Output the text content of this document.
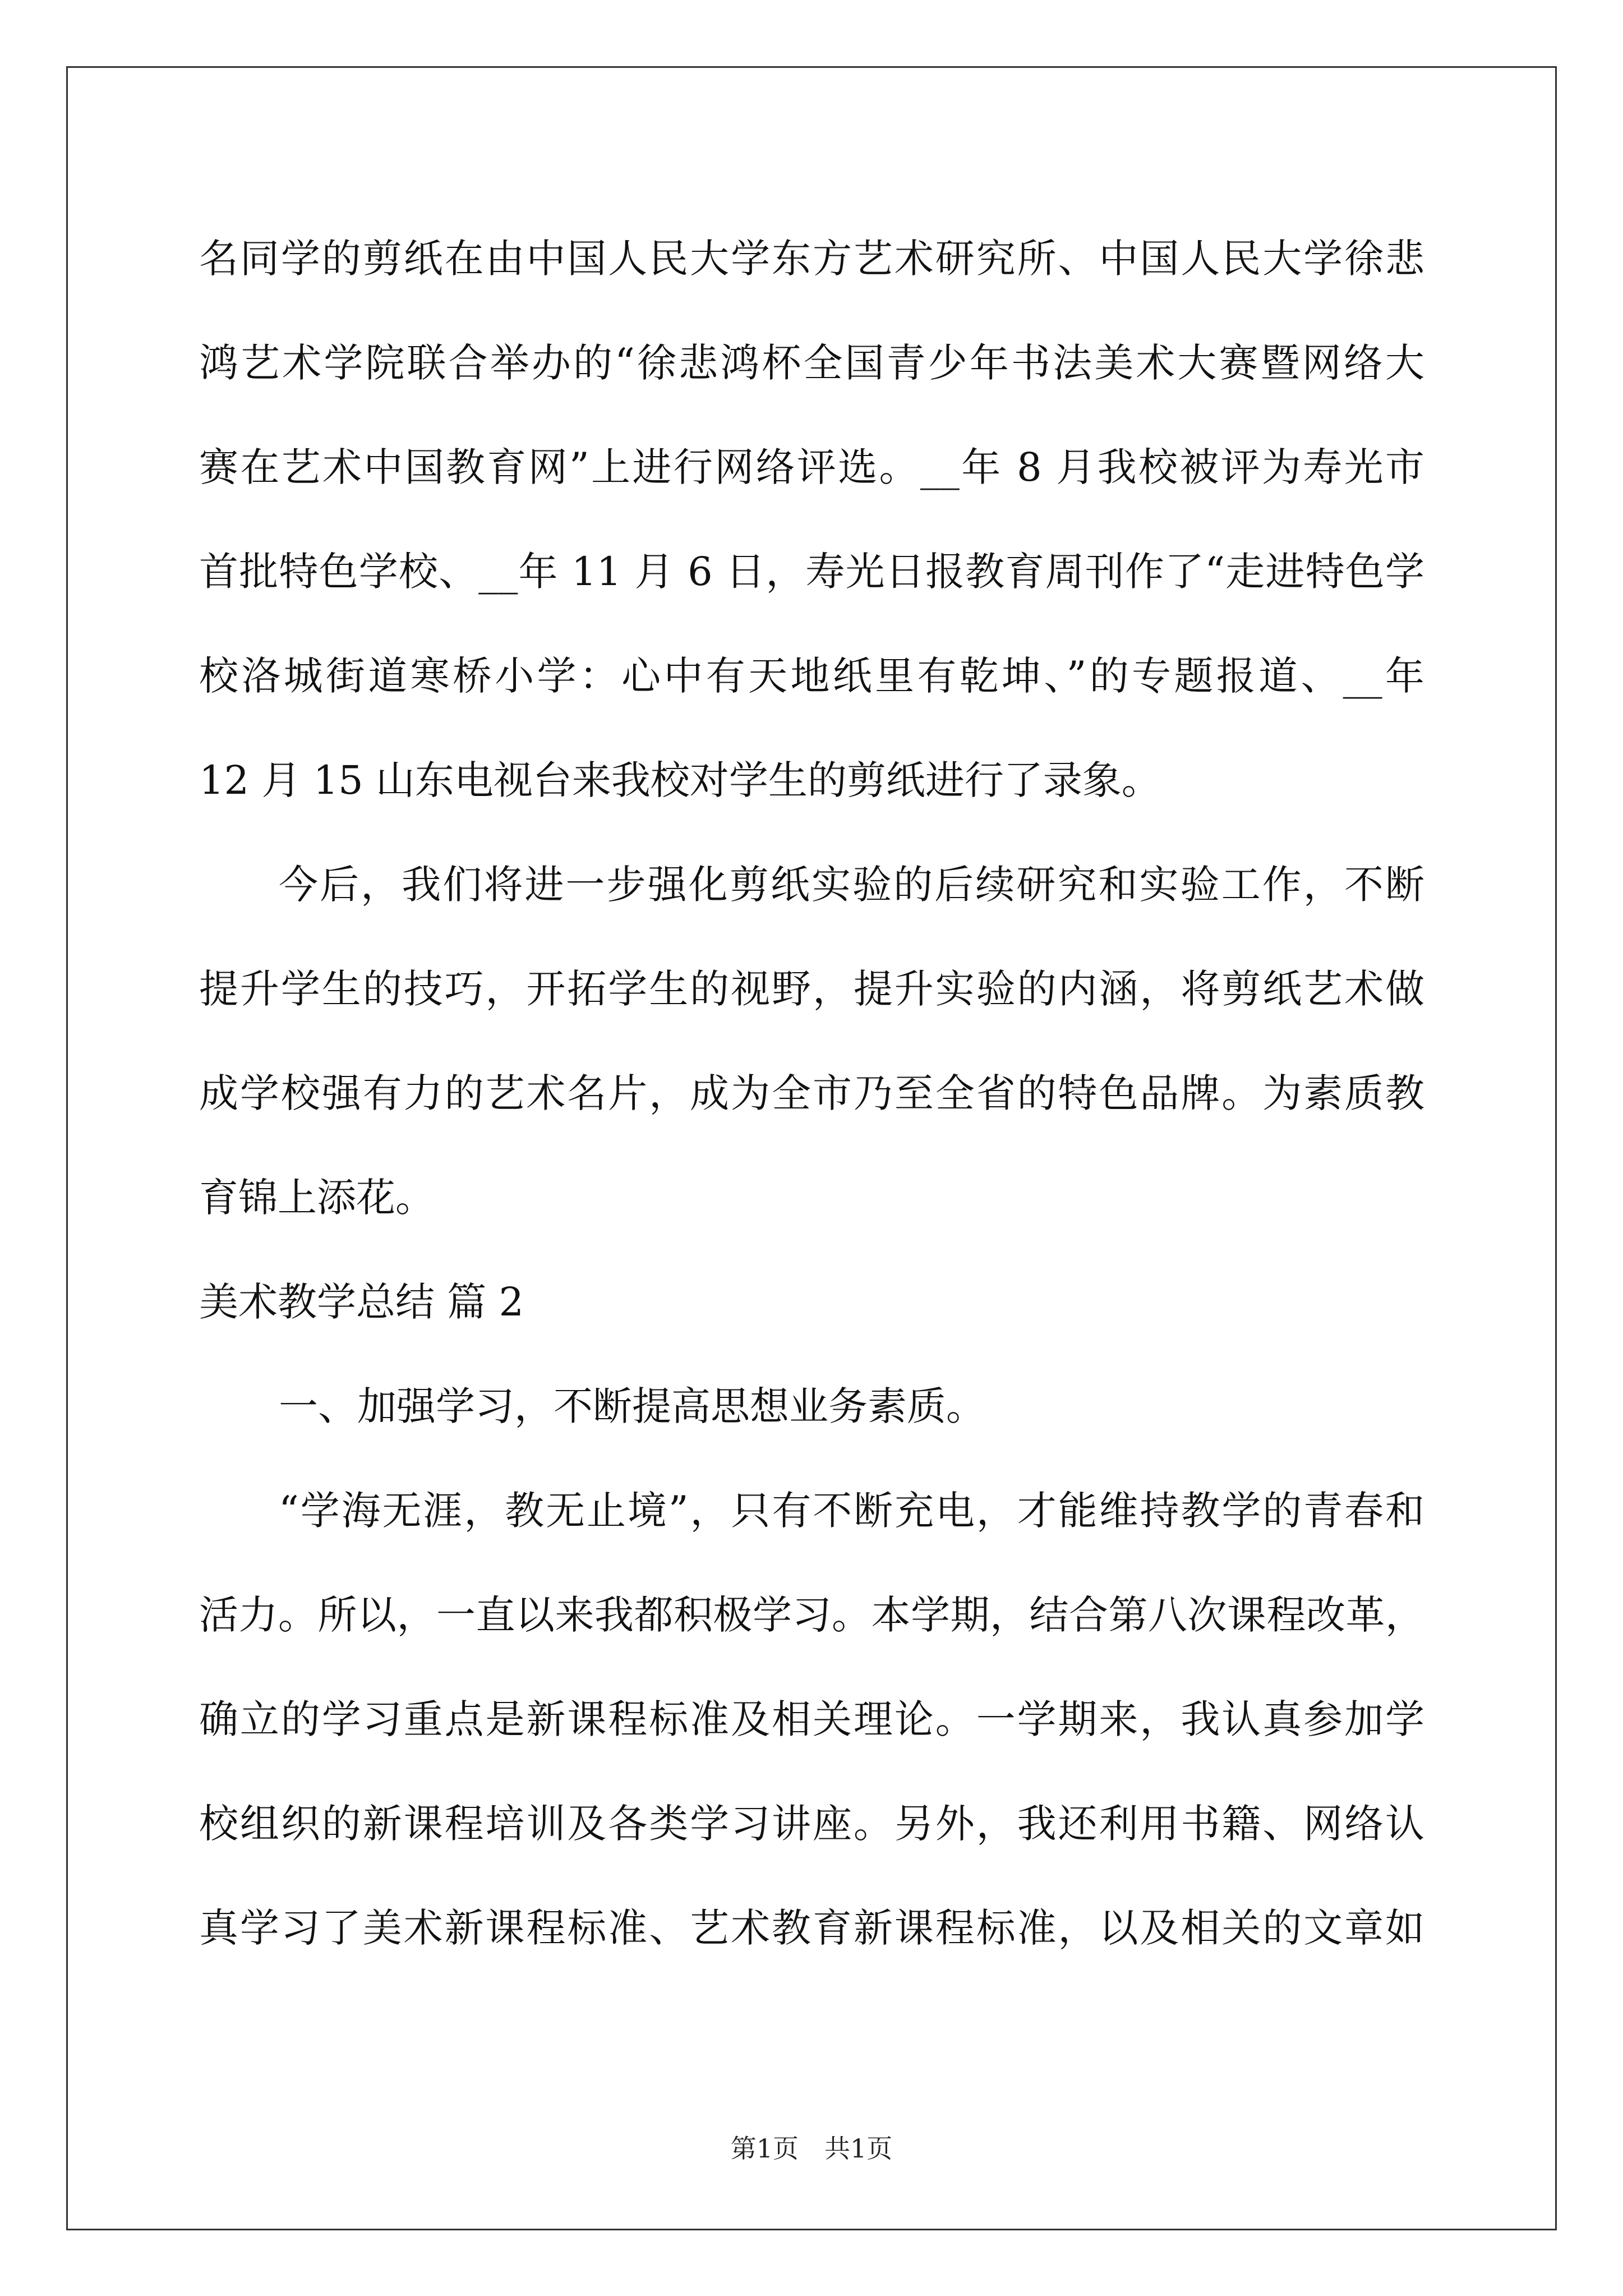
名同学的剪纸在由中国人民大学东方艺术研究所、中国人民大学徐悲
鸿艺术学院联合举办的“徐悲鸿杯全国青少年书法美术大赛暨网络大
赛在艺术中国教育网”上进行网络评选。__年 8 月我校被评为寿光市
首批特色学校、__年 11 月 6 日，寿光日报教育周刊作了“走进特色学
校洛城街道寒桥小学：心中有天地纸里有乾坤、”的专题报道、__年
12 月 15 山东电视台来我校对学生的剪纸进行了录象。
今后，我们将进一步强化剪纸实验的后续研究和实验工作，不断
提升学生的技巧，开拓学生的视野，提升实验的内涵，将剪纸艺术做
成学校强有力的艺术名片，成为全市乃至全省的特色品牌。为素质教
育锦上添花。
美术教学总结 篇 2
一、加强学习，不断提高思想业务素质。
“学海无涯，教无止境”，只有不断充电，才能维持教学的青春和
活力。所以，一直以来我都积极学习。本学期，结合第八次课程改革，
确立的学习重点是新课程标准及相关理论。一学期来，我认真参加学
校组织的新课程培训及各类学习讲座。另外，我还利用书籍、网络认
真学习了美术新课程标准、艺术教育新课程标准，以及相关的文章如
第1页　共1页
